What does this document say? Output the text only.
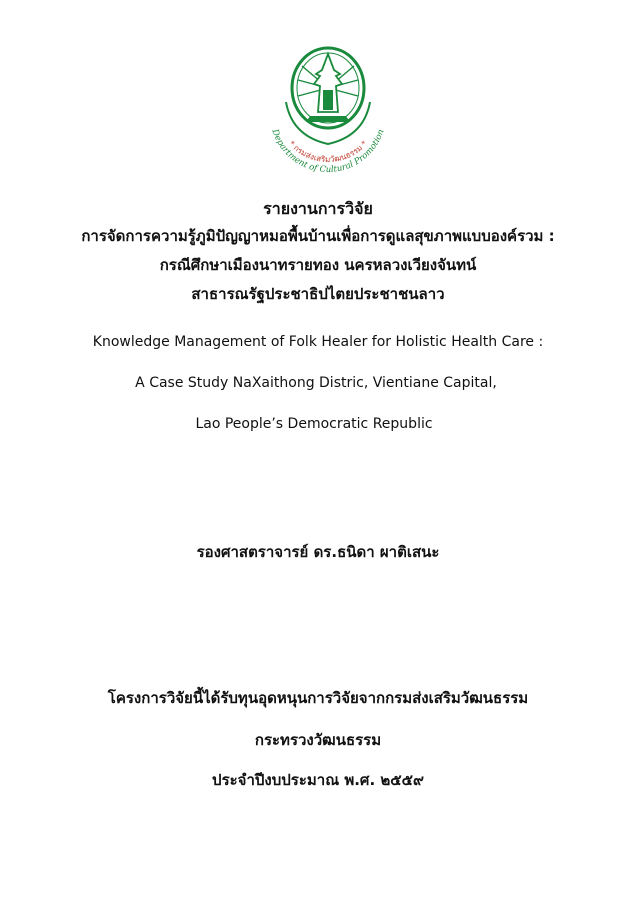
* กรมส่งเสริมวัฒนธรรม *
Department of Cultural Promotion
รายงานการวิจัย
การจัดการความรู้ภูมิปัญญาหมอพื้นบ้านเพื่อการดูแลสุขภาพแบบองค์รวม :
กรณีศึกษาเมืองนาทรายทอง นครหลวงเวียงจันทน์
สาธารณรัฐประชาธิปไตยประชาชนลาว
Knowledge Management of Folk Healer for Holistic Health Care :
A Case Study NaXaithong Distric, Vientiane Capital,
Lao People’s Democratic Republic
รองศาสตราจารย์ ดร.ธนิดา ผาติเสนะ
โครงการวิจัยนี้ได้รับทุนอุดหนุนการวิจัยจากกรมส่งเสริมวัฒนธรรม
กระทรวงวัฒนธรรม
ประจำปีงบประมาณ พ.ศ. ๒๕๕๙
